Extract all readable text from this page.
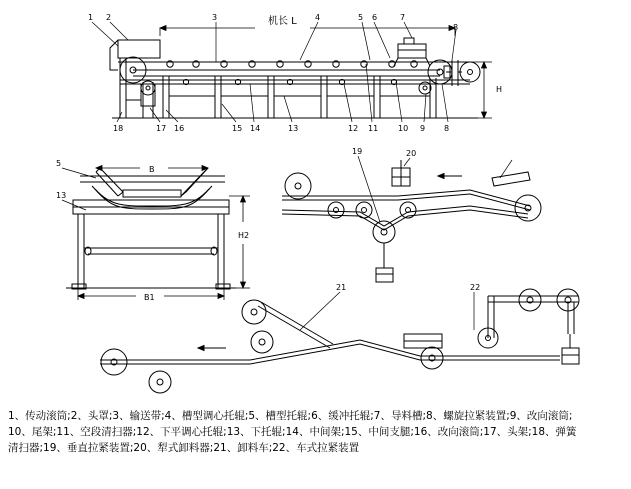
1 2	3	4	5 6	7
8
18	17 16	15 14	13	12 11 10 9 8
机长 L
H
5
13
B
B1
H2
19	20
21	22
1、传动滚筒;2、头罩;3、输送带;4、槽型调心托辊;5、槽型托辊;6、缓冲托辊;7、导料槽;8、螺旋拉紧装置;9、改向滚筒;
10、尾架;11、空段清扫器;12、下平调心托辊;13、下托辊;14、中间架;15、中间支腿;16、改向滚筒;17、头架;18、弹簧
清扫器;19、垂直拉紧装置;20、犁式卸料器;21、卸料车;22、车式拉紧装置
